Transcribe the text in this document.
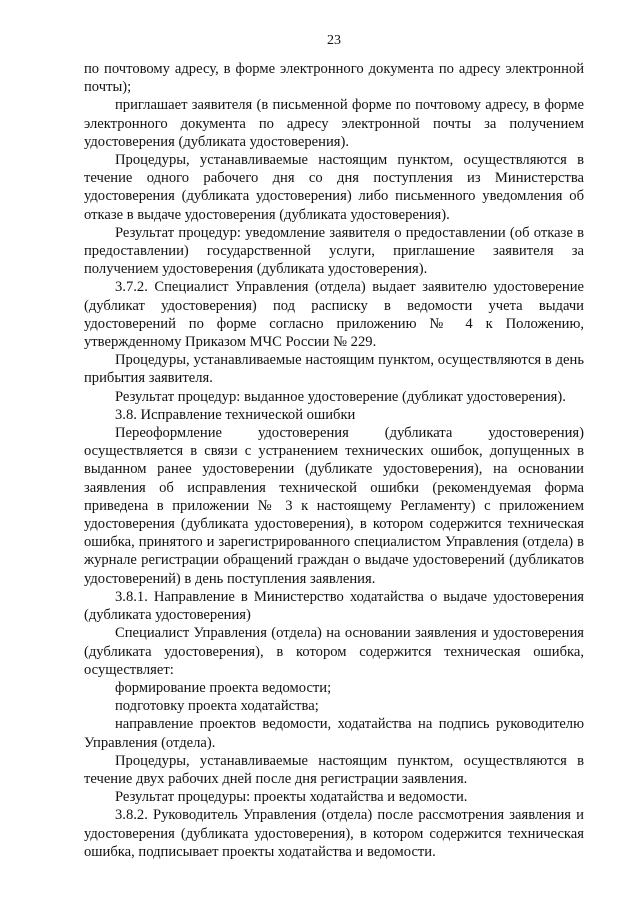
23

по почтовому адресу, в форме электронного документа по адресу электронной почты);

приглашает заявителя (в письменной форме по почтовому адресу, в форме электронного документа по адресу электронной почты за получением удостоверения (дубликата удостоверения).

Процедуры, устанавливаемые настоящим пунктом, осуществляются в течение одного рабочего дня со дня поступления из Министерства удостоверения (дубликата удостоверения) либо письменного уведомления об отказе в выдаче удостоверения (дубликата удостоверения).

Результат процедур: уведомление заявителя о предоставлении (об отказе в предоставлении) государственной услуги, приглашение заявителя за получением удостоверения (дубликата удостоверения).

3.7.2. Специалист Управления (отдела) выдает заявителю удостоверение (дубликат удостоверения) под расписку в ведомости учета выдачи удостоверений по форме согласно приложению № 4 к Положению, утвержденному Приказом МЧС России № 229.

Процедуры, устанавливаемые настоящим пунктом, осуществляются в день прибытия заявителя.

Результат процедур: выданное удостоверение (дубликат удостоверения).

3.8. Исправление технической ошибки

Переоформление удостоверения (дубликата удостоверения) осуществляется в связи с устранением технических ошибок, допущенных в выданном ранее удостоверении (дубликате удостоверения), на основании заявления об исправления технической ошибки (рекомендуемая форма приведена в приложении № 3 к настоящему Регламенту) с приложением удостоверения (дубликата удостоверения), в котором содержится техническая ошибка, принятого и зарегистрированного специалистом Управления (отдела) в журнале регистрации обращений граждан о выдаче удостоверений (дубликатов удостоверений) в день поступления заявления.

3.8.1. Направление в Министерство ходатайства о выдаче удостоверения (дубликата удостоверения)

Специалист Управления (отдела) на основании заявления и удостоверения (дубликата удостоверения), в котором содержится техническая ошибка, осуществляет:

формирование проекта ведомости;

подготовку проекта ходатайства;

направление проектов ведомости, ходатайства на подпись руководителю Управления (отдела).

Процедуры, устанавливаемые настоящим пунктом, осуществляются в течение двух рабочих дней после дня регистрации заявления.

Результат процедуры: проекты ходатайства и ведомости.

3.8.2. Руководитель Управления (отдела) после рассмотрения заявления и удостоверения (дубликата удостоверения), в котором содержится техническая ошибка, подписывает проекты ходатайства и ведомости.
